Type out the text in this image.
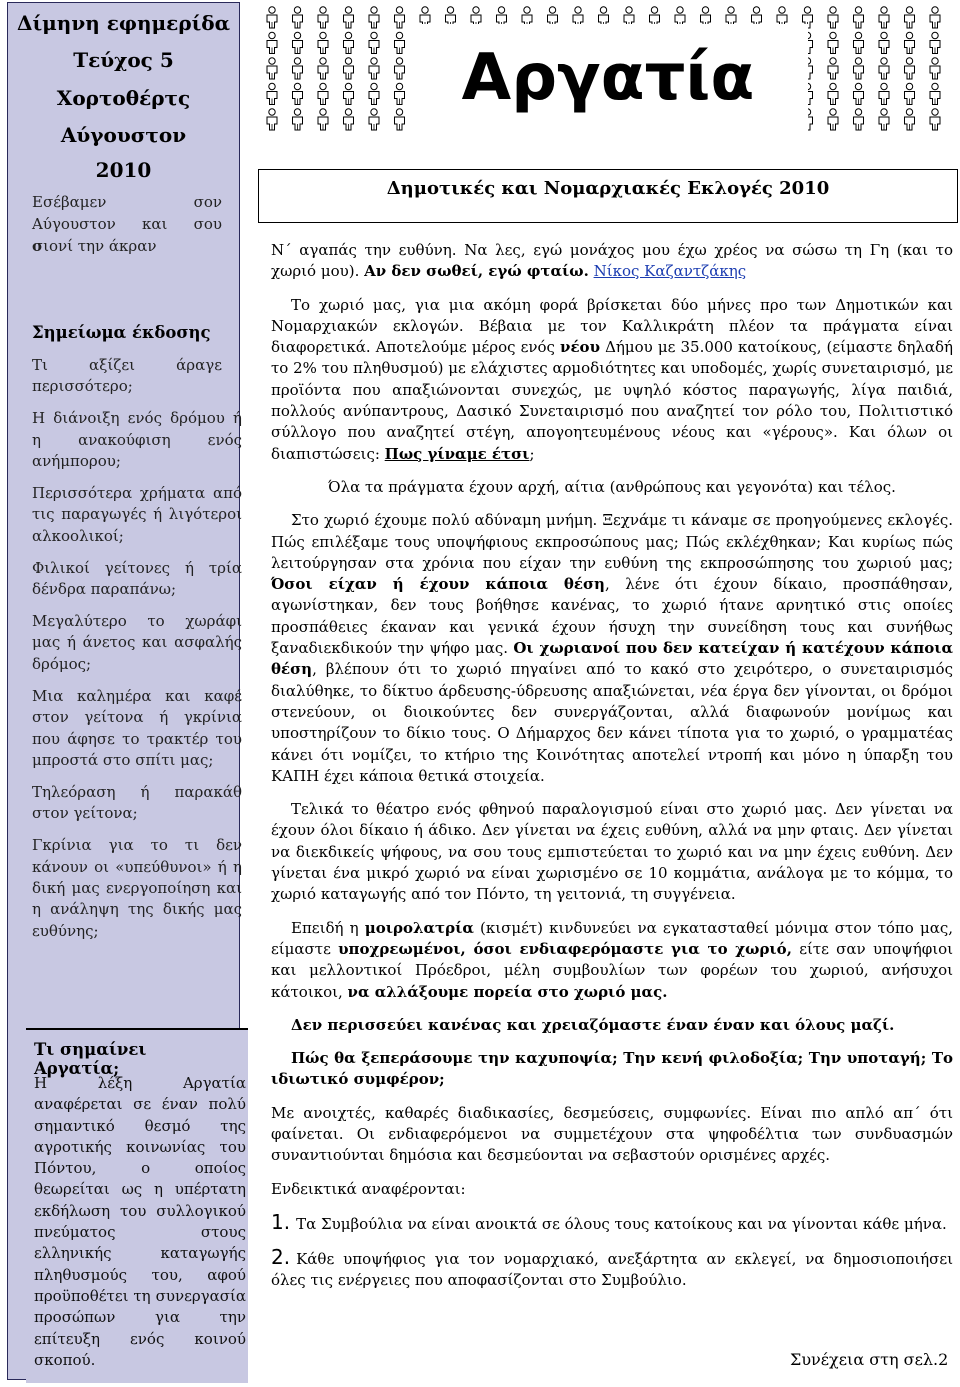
Δίμηνη εφημερίδα
Τεύχος 5
Χορτοθέρτς
Αύγουστον
2010
Εσέβαμεν σον Αύγουστον και σου σιονί την άκραν
Σημείωμα έκδοσης

Τι αξίζει άραγε περισσότερο;

Η διάνοιξη ενός δρόμου ή η ανακούφιση ενός ανήμπορου;

Περισσότερα χρήματα από τις παραγωγές ή λιγότεροι αλκοολικοί;

Φιλικοί γείτονες ή τρία δένδρα παραπάνω;

Μεγαλύτερο το χωράφι μας ή άνετος και ασφαλής δρόμος;

Μια καλημέρα και καφέ στον γείτονα ή γκρίνια που άφησε το τρακτέρ του μπροστά στο σπίτι μας;

Τηλεόραση ή παρακάθ στον γείτονα;

Γκρίνια για το τι δεν κάνουν οι «υπεύθυνοι» ή η δική μας ενεργοποίηση και η ανάληψη της δικής μας ευθύνης;

Τι σημαίνει Αργατία;
Η λέξη Αργατία αναφέρεται σε έναν πολύ σημαντικό θεσμό της αγροτικής κοινωνίας του Πόντου, ο οποίος θεωρείται ως η υπέρτατη εκδήλωση του συλλογικού πνεύματος στους ελληνικής καταγωγής πληθυσμούς του, αφού προϋποθέτει τη συνεργασία προσώπων για την επίτευξη ενός κοινού σκοπού.
Αργατία
Δημοτικές και Νομαρχιακές Εκλογές 2010

Ν΄ αγαπάς την ευθύνη. Να λες, εγώ μονάχος μου έχω χρέος να σώσω τη Γη (και το χωριό μου). Αν δεν σωθεί, εγώ φταίω. Νίκος Καζαντζάκης

Το χωριό μας, για μια ακόμη φορά βρίσκεται δύο μήνες προ των Δημοτικών και Νομαρχιακών εκλογών. Βέβαια με τον Καλλικράτη πλέον τα πράγματα είναι διαφορετικά. Αποτελούμε μέρος ενός νέου Δήμου με 35.000 κατοίκους, (είμαστε δηλαδή το 2% του πληθυσμού) με ελάχιστες αρμοδιότητες και υποδομές, χωρίς συνεταιρισμό, με προϊόντα που απαξιώνονται συνεχώς, με υψηλό κόστος παραγωγής, λίγα παιδιά, πολλούς ανύπαντρους, Δασικό Συνεταιρισμό που αναζητεί τον ρόλο του, Πολιτιστικό σύλλογο που αναζητεί στέγη, απογοητευμένους νέους και «γέρους». Και όλων οι διαπιστώσεις: Πως γίναμε έτσι;

Όλα τα πράγματα έχουν αρχή, αίτια (ανθρώπους και γεγονότα) και τέλος.

Στο χωριό έχουμε πολύ αδύναμη μνήμη. Ξεχνάμε τι κάναμε σε προηγούμενες εκλογές. Πώς επιλέξαμε τους υποψήφιους εκπροσώπους μας; Πώς εκλέχθηκαν; Και κυρίως πώς λειτούργησαν στα χρόνια που είχαν την ευθύνη της εκπροσώπησης του χωριού μας; Όσοι είχαν ή έχουν κάποια θέση, λένε ότι έχουν δίκαιο, προσπάθησαν, αγωνίστηκαν, δεν τους βοήθησε κανένας, το χωριό ήτανε αρνητικό στις οποίες προσπάθειες έκαναν και γενικά έχουν ήσυχη την συνείδηση τους και συνήθως ξαναδιεκδικούν την ψήφο μας. Οι χωριανοί που δεν κατείχαν ή κατέχουν κάποια θέση, βλέπουν ότι το χωριό πηγαίνει από το κακό στο χειρότερο, ο συνεταιρισμός διαλύθηκε, το δίκτυο άρδευσης-ύδρευσης απαξιώνεται, νέα έργα δεν γίνονται, οι δρόμοι στενεύουν, οι διοικούντες δεν συνεργάζονται, αλλά διαφωνούν μονίμως και υποστηρίζουν το δίκιο τους. Ο Δήμαρχος δεν κάνει τίποτα για το χωριό, ο γραμματέας κάνει ότι νομίζει, το κτήριο της Κοινότητας αποτελεί ντροπή και μόνο η ύπαρξη του ΚΑΠΗ έχει κάποια θετικά στοιχεία.

Τελικά το θέατρο ενός φθηνού παραλογισμού είναι στο χωριό μας. Δεν γίνεται να έχουν όλοι δίκαιο ή άδικο. Δεν γίνεται να έχεις ευθύνη, αλλά να μην φταις. Δεν γίνεται να διεκδικείς ψήφους, να σου τους εμπιστεύεται το χωριό και να μην έχεις ευθύνη. Δεν γίνεται ένα μικρό χωριό να είναι χωρισμένο σε 10 κομμάτια, ανάλογα με το κόμμα, το χωριό καταγωγής από τον Πόντο, τη γειτονιά, τη συγγένεια.

Επειδή η μοιρολατρία (κισμέτ) κινδυνεύει να εγκατασταθεί μόνιμα στον τόπο μας, είμαστε υποχρεωμένοι, όσοι ενδιαφερόμαστε για το χωριό, είτε σαν υποψήφιοι και μελλοντικοί Πρόεδροι, μέλη συμβουλίων των φορέων του χωριού, ανήσυχοι κάτοικοι, να αλλάξουμε πορεία στο χωριό μας.

Δεν περισσεύει κανένας και χρειαζόμαστε έναν έναν και όλους μαζί.

Πώς θα ξεπεράσουμε την καχυποψία; Την κενή φιλοδοξία; Την υποταγή; Το ιδιωτικό συμφέρον;

Με ανοιχτές, καθαρές διαδικασίες, δεσμεύσεις, συμφωνίες. Είναι πιο απλό απ΄ ότι φαίνεται. Οι ενδιαφερόμενοι να συμμετέχουν στα ψηφοδέλτια των συνδυασμών συναντιούνται δημόσια και δεσμεύονται να σεβαστούν ορισμένες αρχές.

Ενδεικτικά αναφέρονται:

1. Τα Συμβούλια να είναι ανοικτά σε όλους τους κατοίκους και να γίνονται κάθε μήνα.

2. Κάθε υποψήφιος για τον νομαρχιακό, ανεξάρτητα αν εκλεγεί, να δημοσιοποιήσει όλες τις ενέργειες που αποφασίζονται στο Συμβούλιο.

Συνέχεια στη σελ.2
